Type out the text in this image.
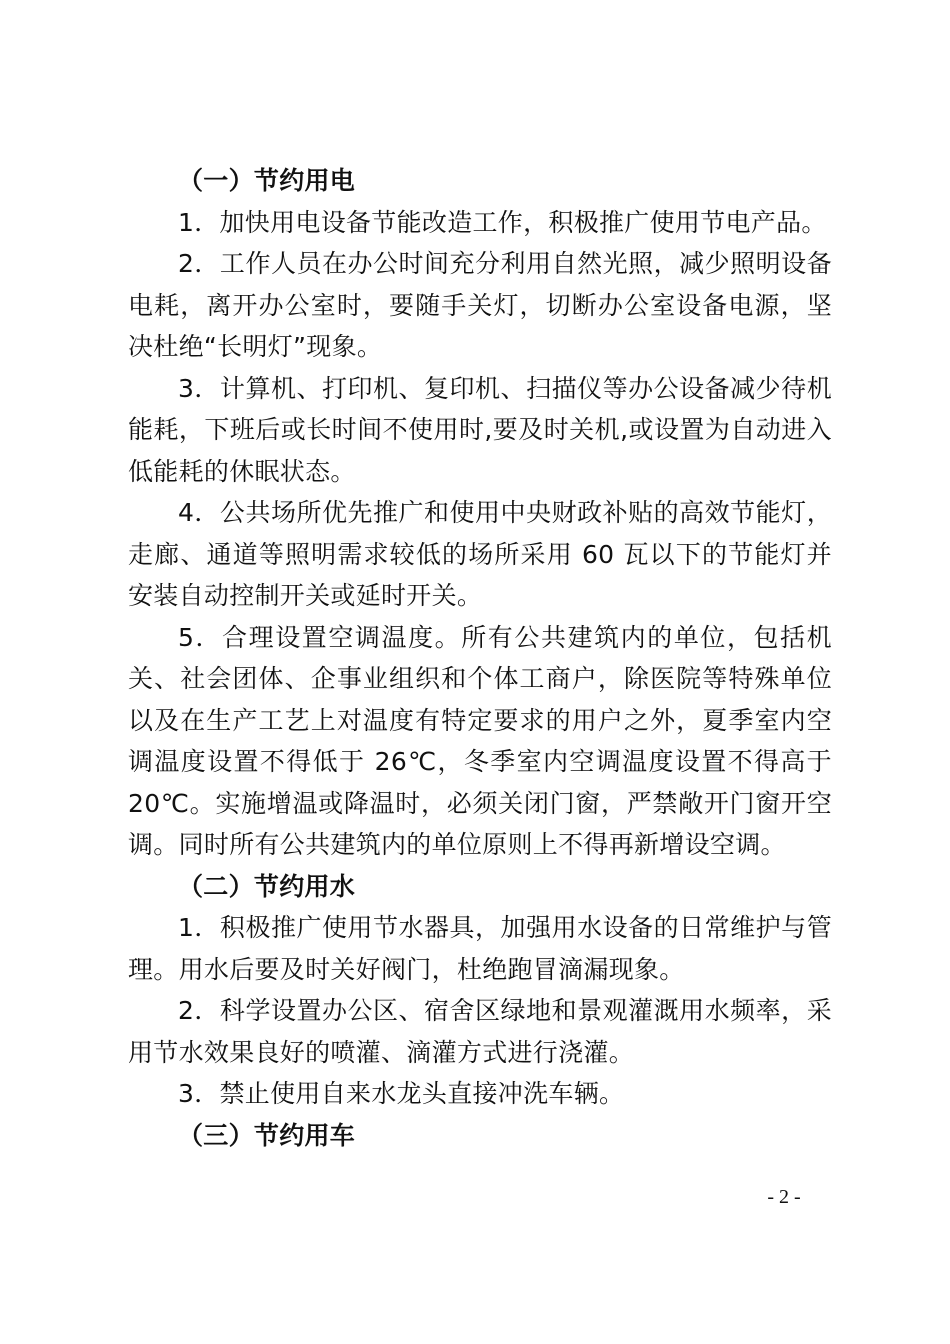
（一）节约用电

1．加快用电设备节能改造工作，积极推广使用节电产品。

2．工作人员在办公时间充分利用自然光照，减少照明设备电耗，离开办公室时，要随手关灯，切断办公室设备电源，坚决杜绝“长明灯”现象。

3．计算机、打印机、复印机、扫描仪等办公设备减少待机能耗，下班后或长时间不使用时,要及时关机,或设置为自动进入低能耗的休眠状态。

4．公共场所优先推广和使用中央财政补贴的高效节能灯，走廊、通道等照明需求较低的场所采用 60 瓦以下的节能灯并安装自动控制开关或延时开关。

5．合理设置空调温度。所有公共建筑内的单位，包括机关、社会团体、企事业组织和个体工商户，除医院等特殊单位以及在生产工艺上对温度有特定要求的用户之外，夏季室内空调温度设置不得低于 26℃，冬季室内空调温度设置不得高于 20℃。实施增温或降温时，必须关闭门窗，严禁敞开门窗开空调。同时所有公共建筑内的单位原则上不得再新增设空调。

（二）节约用水

1．积极推广使用节水器具，加强用水设备的日常维护与管理。用水后要及时关好阀门，杜绝跑冒滴漏现象。

2．科学设置办公区、宿舍区绿地和景观灌溉用水频率，采用节水效果良好的喷灌、滴灌方式进行浇灌。

3．禁止使用自来水龙头直接冲洗车辆。

（三）节约用车
- 2 -
